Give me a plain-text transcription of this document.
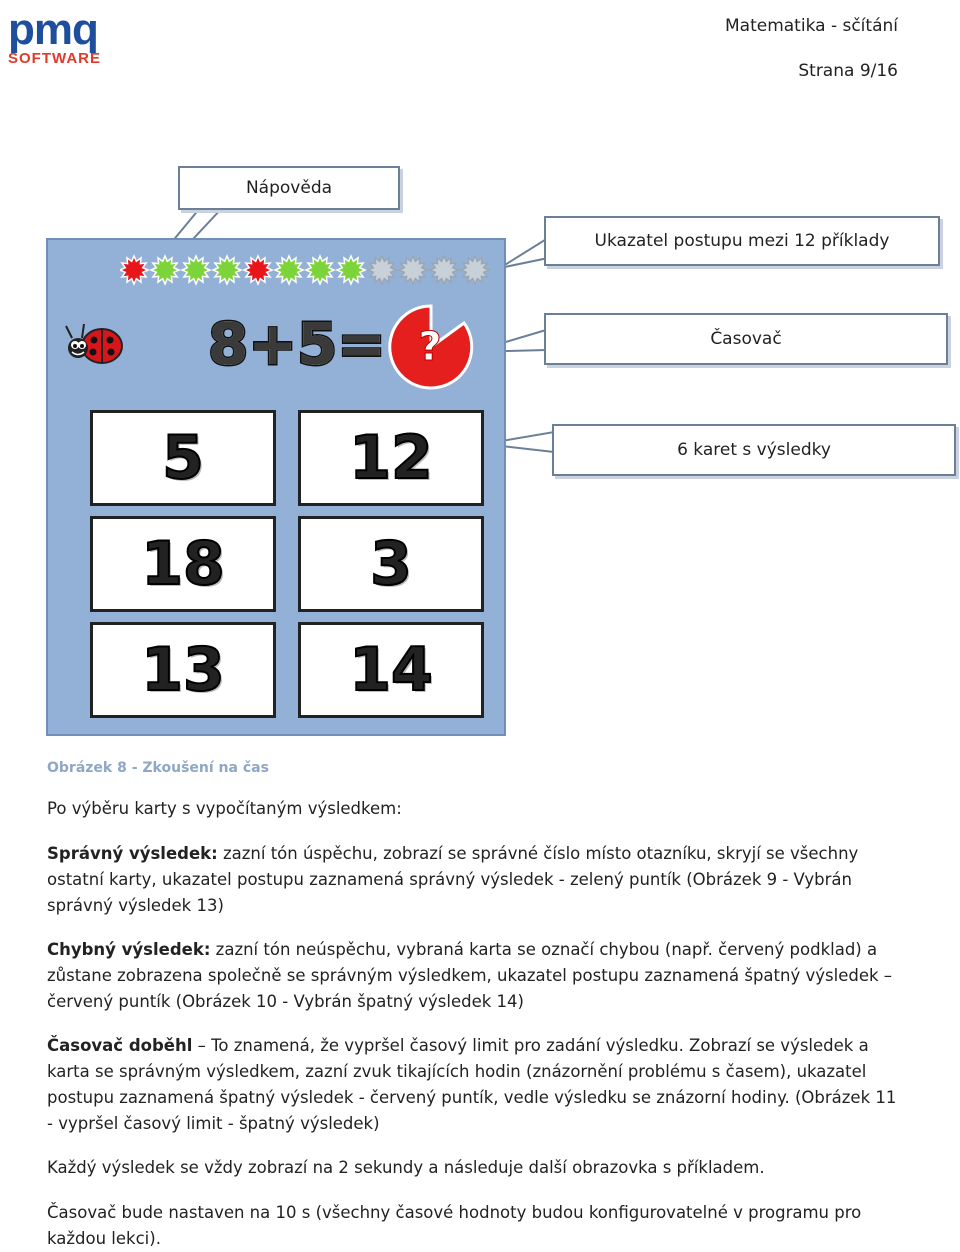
pmq
SOFTWARE
Matematika - sčítání
Strana 9/16
Nápověda
Ukazatel postupu mezi 12 příklady
Časovač
6 karet s výsledky
8+5= ?
5 12
18 3
13 14
Obrázek 8 - Zkoušení na čas
Po výběru karty s vypočítaným výsledkem:
Správný výsledek: zazní tón úspěchu, zobrazí se správné číslo místo otazníku, skryjí se všechny ostatní karty, ukazatel postupu zaznamená správný výsledek - zelený puntík (Obrázek 9 - Vybrán správný výsledek 13)
Chybný výsledek: zazní tón neúspěchu, vybraná karta se označí chybou (např. červený podklad) a zůstane zobrazena společně se správným výsledkem, ukazatel postupu zaznamená špatný výsledek – červený puntík (Obrázek 10 - Vybrán špatný výsledek 14)
Časovač doběhl – To znamená, že vypršel časový limit pro zadání výsledku. Zobrazí se výsledek a karta se správným výsledkem, zazní zvuk tikajících hodin (znázornění problému s časem), ukazatel postupu zaznamená špatný výsledek - červený puntík, vedle výsledku se znázorní hodiny. (Obrázek 11 - vypršel časový limit - špatný výsledek)
Každý výsledek se vždy zobrazí na 2 sekundy a následuje další obrazovka s příkladem.
Časovač bude nastaven na 10 s (všechny časové hodnoty budou konfigurovatelné v programu pro každou lekci).
